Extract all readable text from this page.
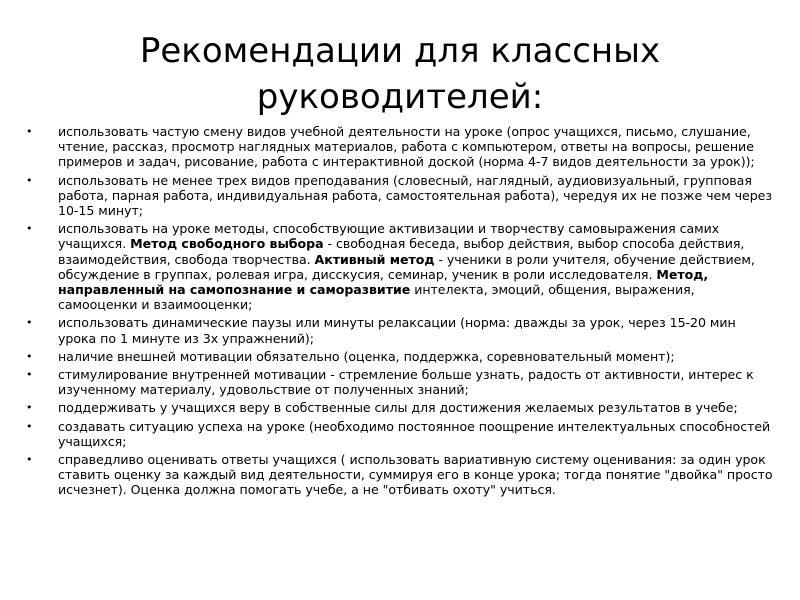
Рекомендации для классных
руководителей:
• использовать частую смену видов учебной деятельности на уроке (опрос учащихся, письмо, слушание, чтение, рассказ, просмотр наглядных материалов, работа с компьютером, ответы на вопросы, решение примеров и задач, рисование, работа с интерактивной доской (норма 4-7 видов деятельности за урок));
• использовать не менее трех видов преподавания (словесный, наглядный, аудиовизуальный, групповая работа, парная работа, индивидуальная работа, самостоятельная работа), чередуя их не позже чем через 10-15 минут;
• использовать на уроке методы, способствующие активизации и творчеству самовыражения самих учащихся. Метод свободного выбора - свободная беседа, выбор действия, выбор способа действия, взаимодействия, свобода творчества. Активный метод - ученики в роли учителя, обучение действием, обсуждение в группах, ролевая игра, дисскусия, семинар, ученик в роли исследователя. Метод, направленный на самопознание и саморазвитие интелекта, эмоций, общения, выражения, самооценки и взаимооценки;
• использовать динамические паузы или минуты релаксации (норма: дважды за урок, через 15-20 мин урока по 1 минуте из 3х упражнений);
• наличие внешней мотивации обязательно (оценка, поддержка, соревновательный момент);
• стимулирование внутренней мотивации - стремление больше узнать, радость от активности, интерес к изученному материалу, удовольствие от полученных знаний;
• поддерживать у учащихся веру в собственные силы для достижения желаемых результатов в учебе;
• создавать ситуацию успеха на уроке (необходимо постоянное поощрение интелектуальных способностей учащихся;
• справедливо оценивать ответы учащихся ( использовать вариативную систему оценивания: за один урок ставить оценку за каждый вид деятельности, суммируя его в конце урока; тогда понятие "двойка" просто исчезнет). Оценка должна помогать учебе, а не "отбивать охоту" учиться.
